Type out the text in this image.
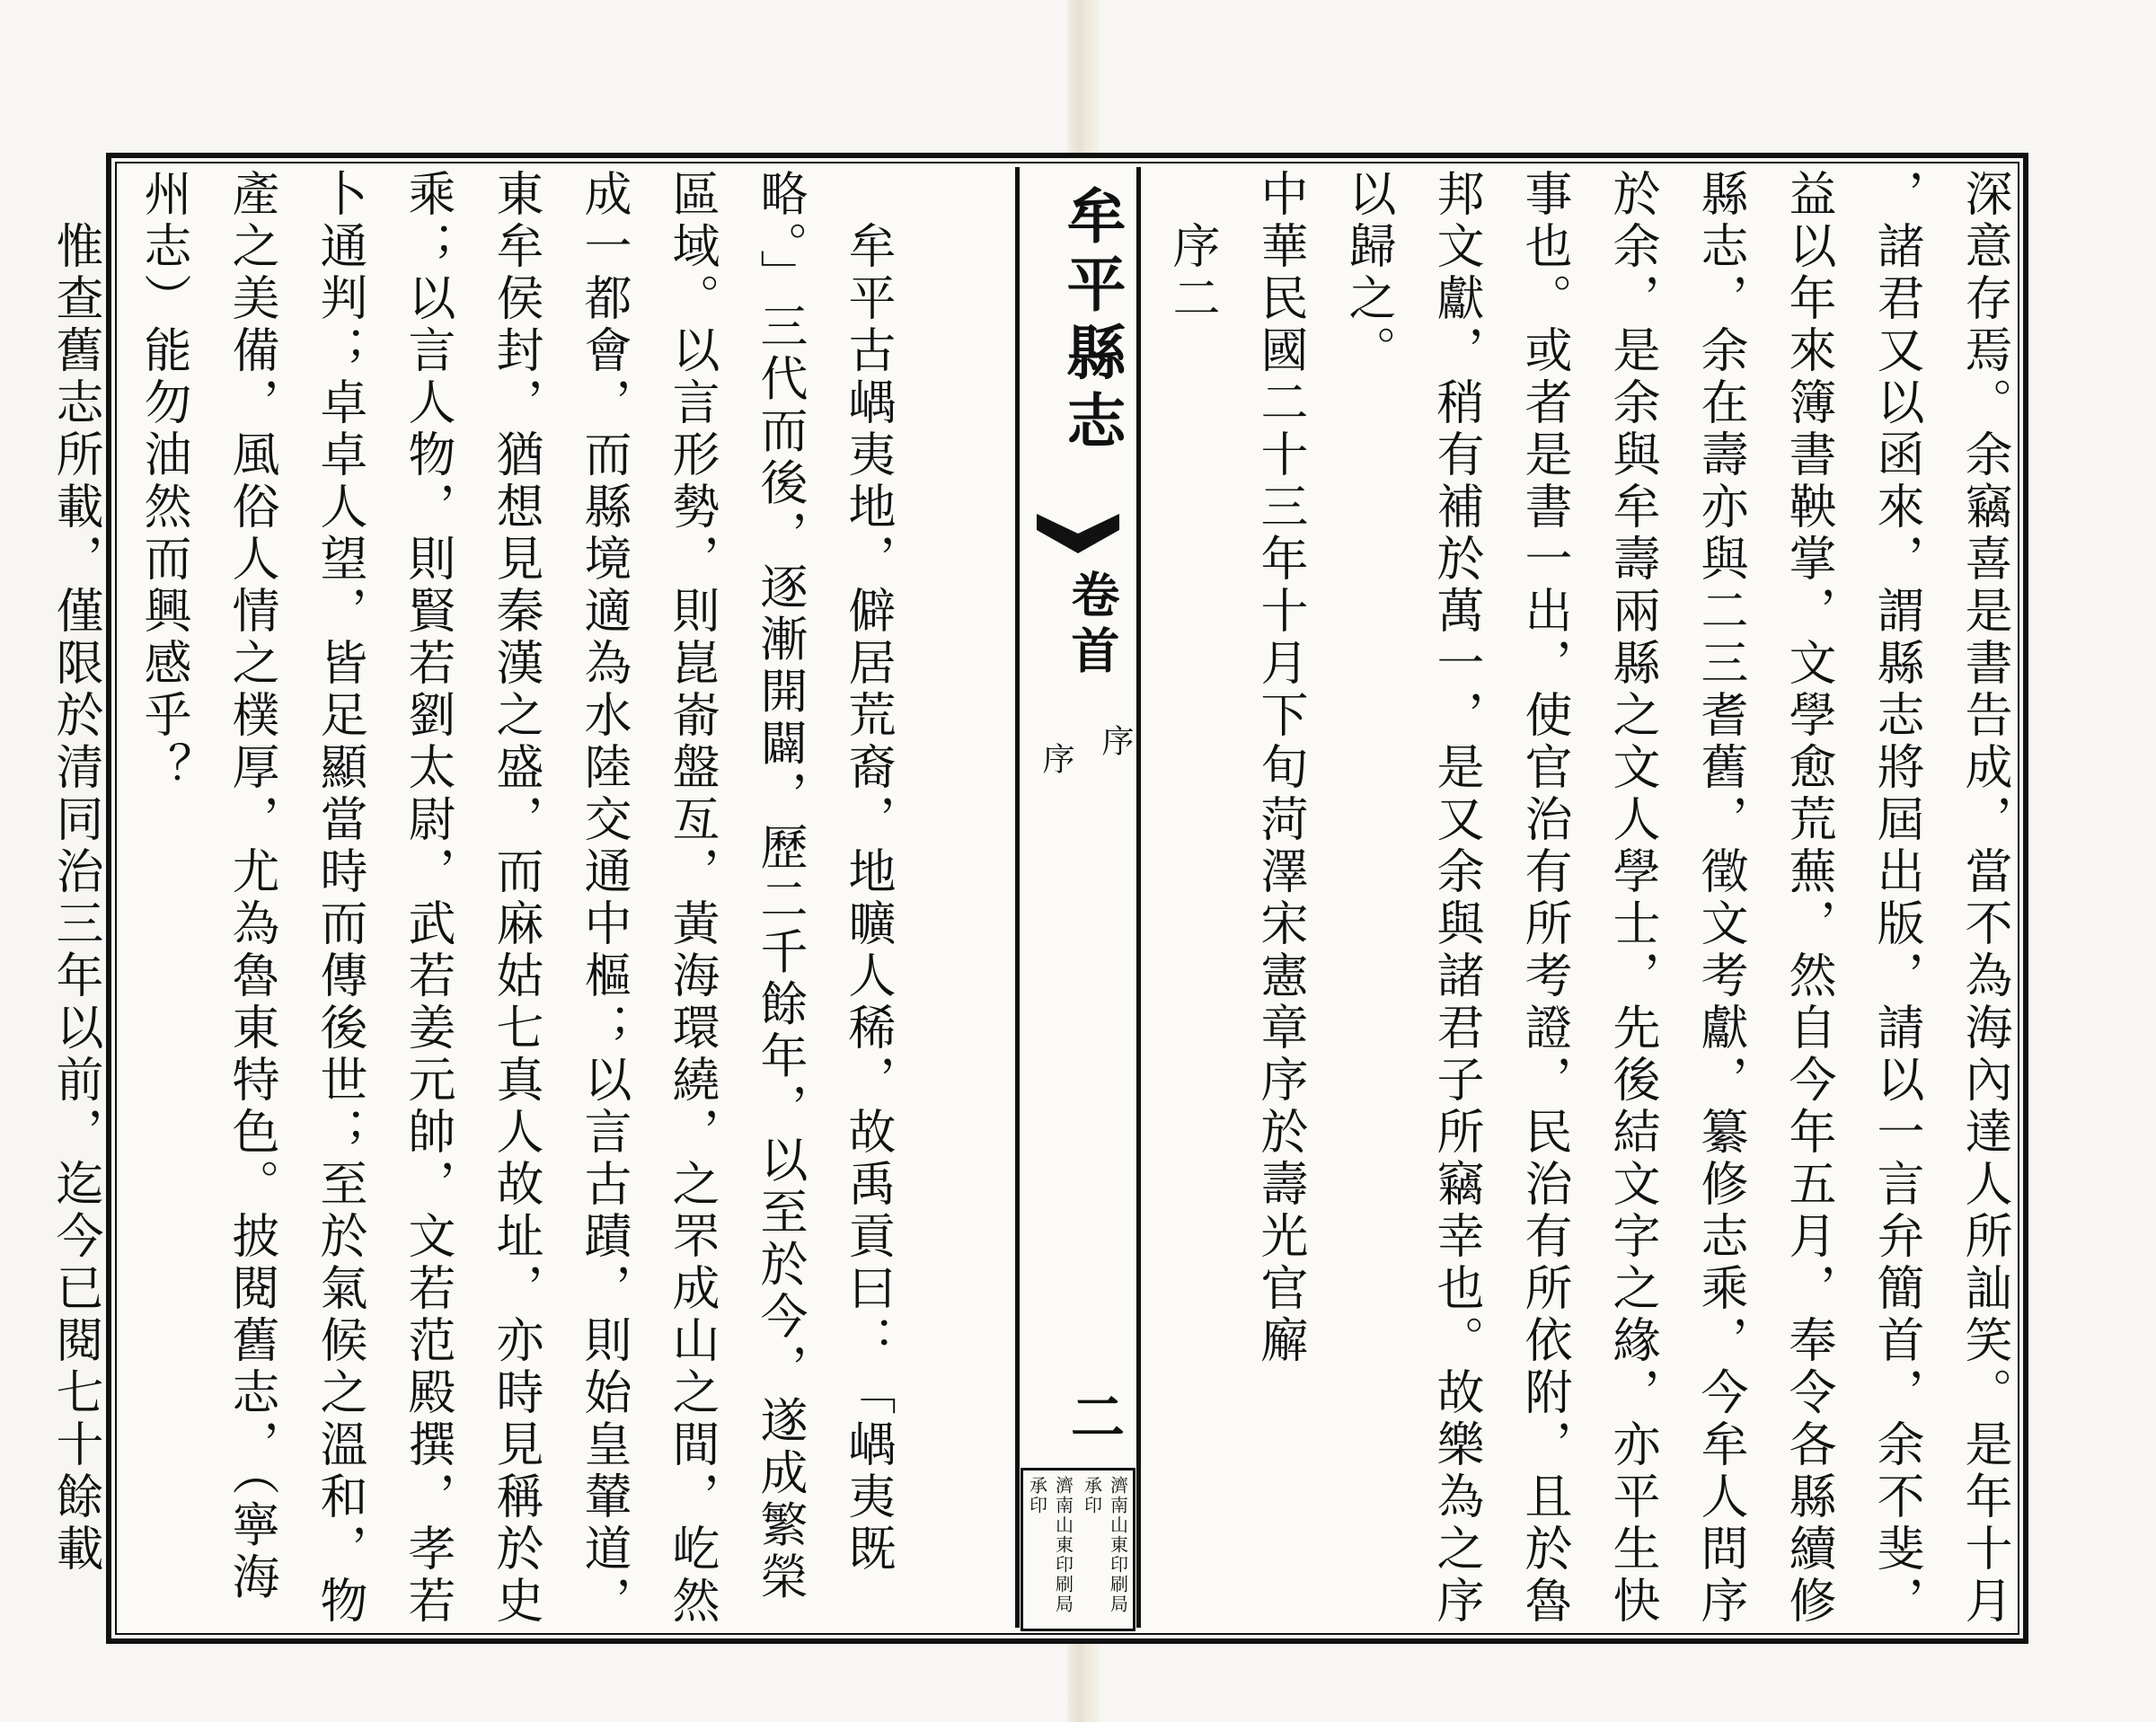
深意存焉。余竊喜是書告成，當不為海內達人所訕笑。是年十月
，諸君又以函來，謂縣志將屆出版，請以一言弁簡首，余不斐，
益以年來簿書鞅掌，文學愈荒蕪，然自今年五月，奉令各縣續修
縣志，余在壽亦與二三耆舊，徵文考獻，纂修志乘，今牟人問序
於余，是余與牟壽兩縣之文人學士，先後結文字之緣，亦平生快
事也。或者是書一出，使官治有所考證，民治有所依附，且於魯
邦文獻，稍有補於萬一，是又余與諸君子所竊幸也。故樂為之序
以歸之。
中華民國二十三年十月下旬菏澤宋憲章序於壽光官廨
　序二
牟平縣志
卷首
序
序
二
濟南山東印刷局承印
濟南山東印刷局承印
　牟平古嵎夷地，僻居荒裔，地曠人稀，故禹貢曰：「嵎夷既
略。」三代而後，逐漸開闢，歷二千餘年，以至於今，遂成繁榮
區域。以言形勢，則崑嵛盤亙，黃海環繞，之罘成山之間，屹然
成一都會，而縣境適為水陸交通中樞；以言古蹟，則始皇輦道，
東牟侯封，猶想見秦漢之盛，而麻姑七真人故址，亦時見稱於史
乘；以言人物，則賢若劉太尉，武若姜元帥，文若范殿撰，孝若
卜通判；卓卓人望，皆足顯當時而傳後世；至於氣候之溫和，物
產之美備，風俗人情之樸厚，尤為魯東特色。披閱舊志，（寧海
州志）能勿油然而興感乎？
　惟查舊志所載，僅限於清同治三年以前，迄今已閱七十餘載
